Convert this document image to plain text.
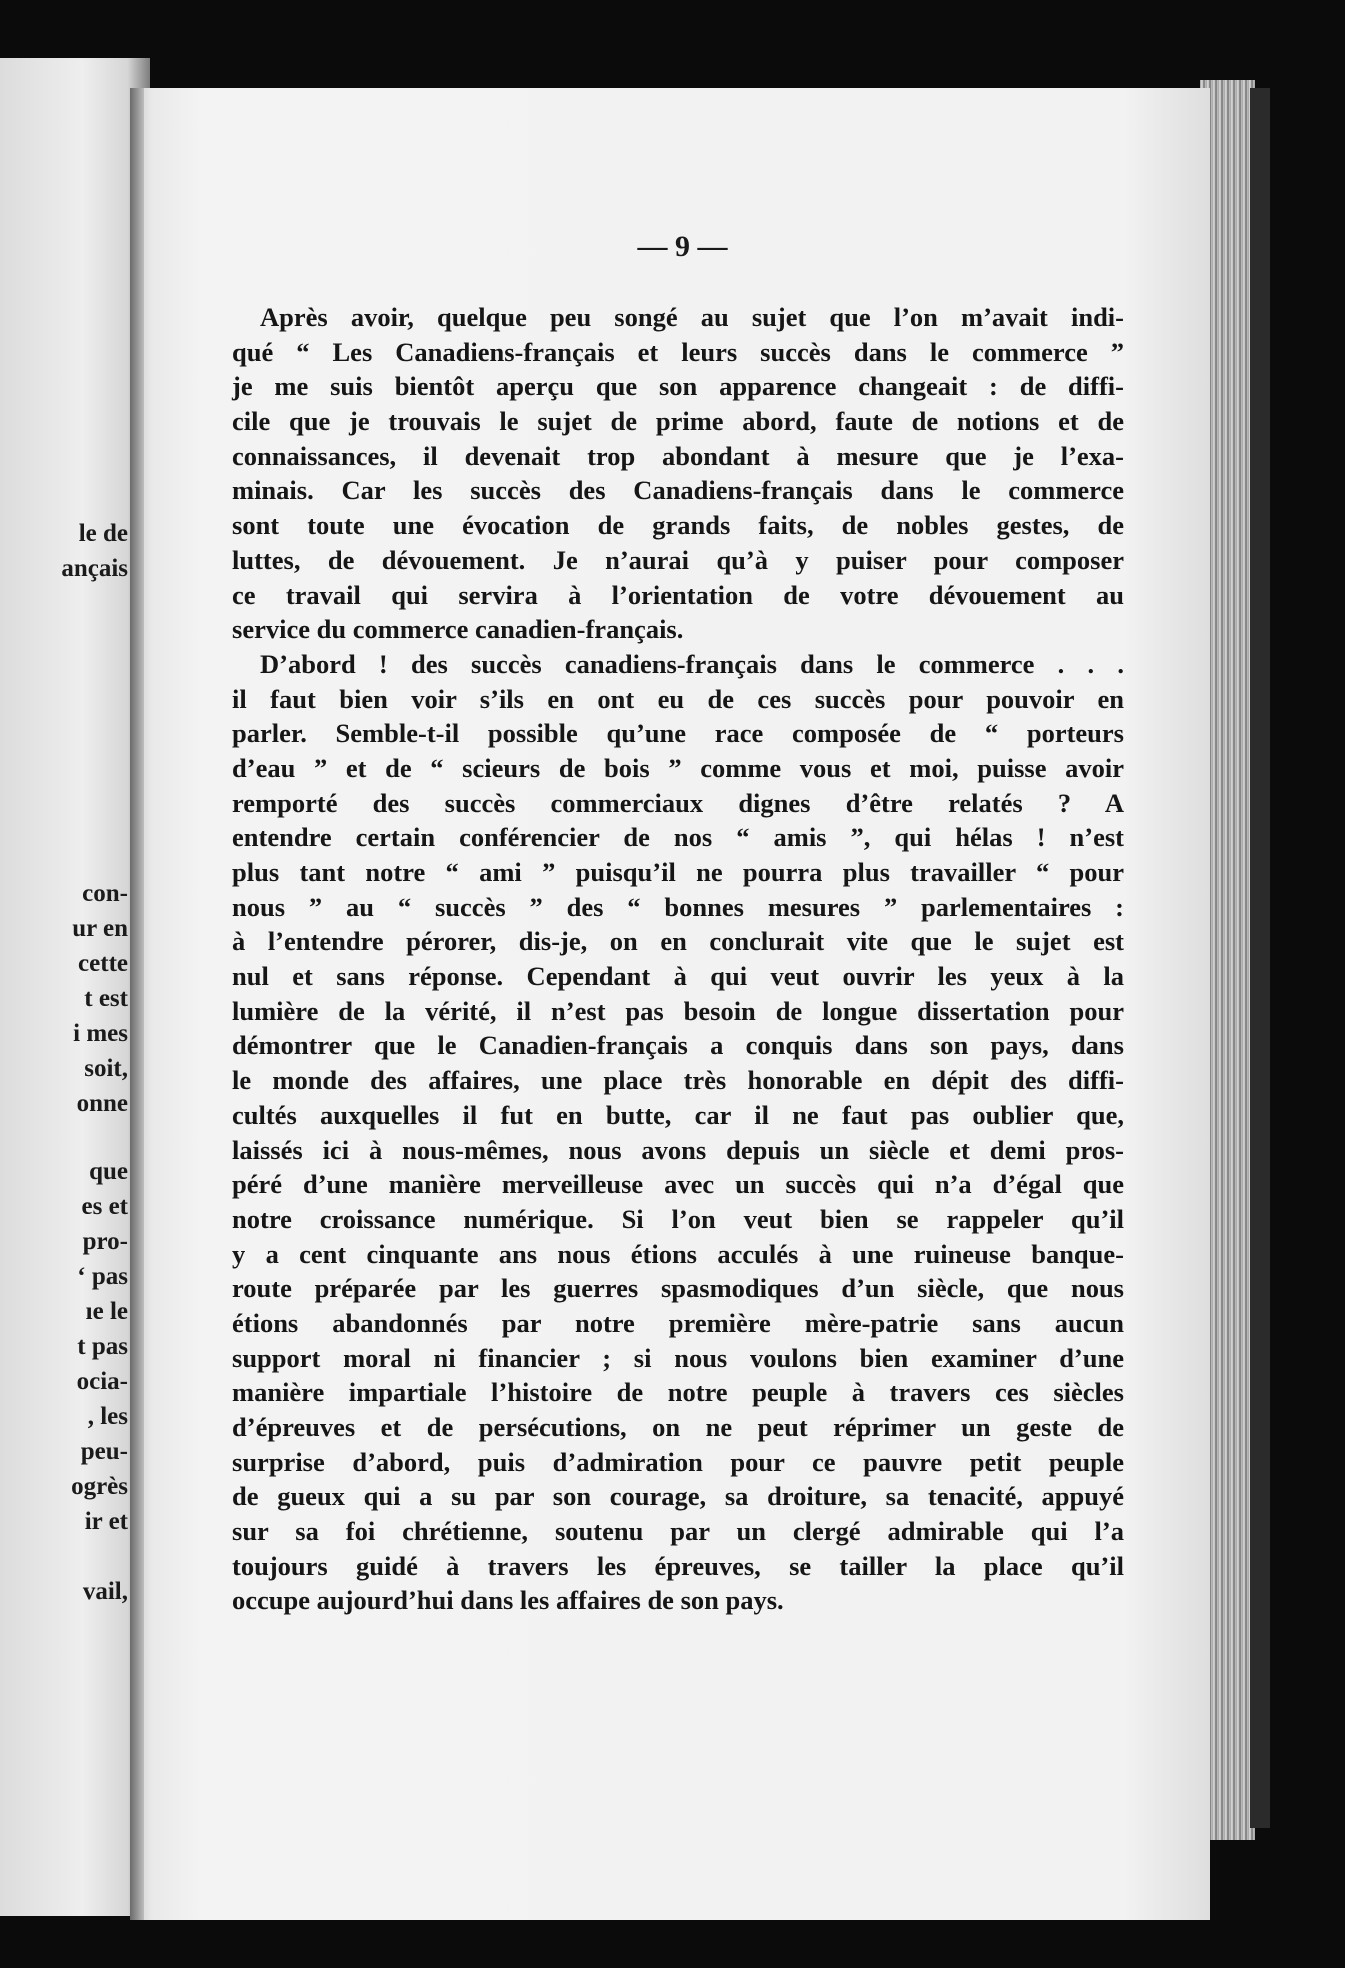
le de
ançais
con-
ur en
cette
t est
i mes
soit,
onne
que
es et
pro-
‘ pas
ıe le
t pas
ocia-
, les
peu-
ogrès
ir et
vail,
— 9 —
Après avoir, quelque peu songé au sujet que l’on m’avait indi-
qué “ Les Canadiens-français et leurs succès dans le commerce ”
je me suis bientôt aperçu que son apparence changeait : de diffi-
cile que je trouvais le sujet de prime abord, faute de notions et de
connaissances, il devenait trop abondant à mesure que je l’exa-
minais. Car les succès des Canadiens-français dans le commerce
sont toute une évocation de grands faits, de nobles gestes, de
luttes, de dévouement. Je n’aurai qu’à y puiser pour composer
ce travail qui servira à l’orientation de votre dévouement au
service du commerce canadien-français.
D’abord ! des succès canadiens-français dans le commerce . . .
il faut bien voir s’ils en ont eu de ces succès pour pouvoir en
parler. Semble-t-il possible qu’une race composée de “ porteurs
d’eau ” et de “ scieurs de bois ” comme vous et moi, puisse avoir
remporté des succès commerciaux dignes d’être relatés ? A
entendre certain conférencier de nos “ amis ”, qui hélas ! n’est
plus tant notre “ ami ” puisqu’il ne pourra plus travailler “ pour
nous ” au “ succès ” des “ bonnes mesures ” parlementaires :
à l’entendre pérorer, dis-je, on en conclurait vite que le sujet est
nul et sans réponse. Cependant à qui veut ouvrir les yeux à la
lumière de la vérité, il n’est pas besoin de longue dissertation pour
démontrer que le Canadien-français a conquis dans son pays, dans
le monde des affaires, une place très honorable en dépit des diffi-
cultés auxquelles il fut en butte, car il ne faut pas oublier que,
laissés ici à nous-mêmes, nous avons depuis un siècle et demi pros-
péré d’une manière merveilleuse avec un succès qui n’a d’égal que
notre croissance numérique. Si l’on veut bien se rappeler qu’il
y a cent cinquante ans nous étions acculés à une ruineuse banque-
route préparée par les guerres spasmodiques d’un siècle, que nous
étions abandonnés par notre première mère-patrie sans aucun
support moral ni financier ; si nous voulons bien examiner d’une
manière impartiale l’histoire de notre peuple à travers ces siècles
d’épreuves et de persécutions, on ne peut réprimer un geste de
surprise d’abord, puis d’admiration pour ce pauvre petit peuple
de gueux qui a su par son courage, sa droiture, sa tenacité, appuyé
sur sa foi chrétienne, soutenu par un clergé admirable qui l’a
toujours guidé à travers les épreuves, se tailler la place qu’il
occupe aujourd’hui dans les affaires de son pays.
